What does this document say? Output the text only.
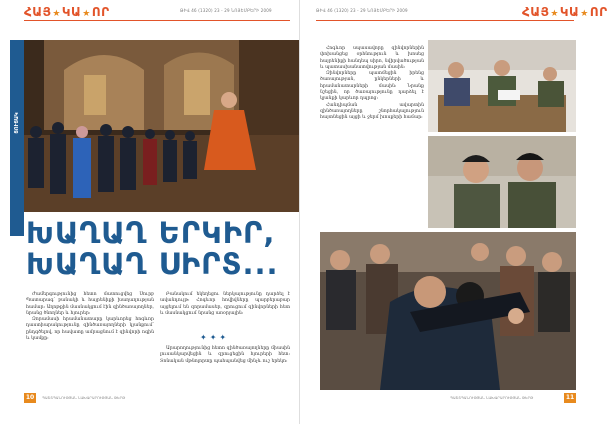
ՀԱՅ★ԿԱ★ՈՐ	ԹԻՎ 46 (1320) 23 - 29 ՆՈՅԵՄԲԵՐԻ 2009
ՑՈՒՑԱԿ
ԽԱՂԱՂ ԵՐԿԻՐ,
ԽԱՂԱՂ ՍԻՐՏ...

Ժամերգությունից հետո մատուցվեց Սուրբ Պատարագ՝ բանակի և հայրենիքի խաղաղության համար: Աղոթքին մասնակցում էին զինծառայողներ, նրանց ծնողներ և հյուրեր:

Զորամասի հրամանատարը կարևորեց հոգևոր դաստիարակությունը զինծառայողների կյանքում՝ ընդգծելով, որ հավատը ամրացնում է զինվորի ոգին և կամքը:

Բանակում եկեղեցու ներկայությունը դարձել է ավանդույթ: Հոգևոր հովիվները պարբերաբար այցելում են զորամասեր, զրուցում զինվորների հետ և մասնակցում նրանց առօրյային:

✦✦✦

Արարողությունից հետո զինծառայողները միասին լուսանկարվեցին և զրուցեցին հյուրերի հետ: Տոնական մթնոլորտը պահպանվեց մինչև ուշ երեկո:

10	ՊԱՇՏՊԱՆՈՒԹՅԱՆ ՆԱԽԱՐԱՐՈՒԹՅԱՆ ԹԵՐԹ
ԹԻՎ 46 (1320) 23 - 29 ՆՈՅԵՄԲԵՐԻ 2009	ՀԱՅ★ԿԱ★ՈՐ

Հոգևոր սպասավորը զինվորներին փոխանցեց օրհնություն և խոսեց հայրենիքի հանդեպ սիրո, նվիրվածության և պատասխանատվության մասին:

Զինվորները պատմեցին իրենց ծառայության, ընկերների և հրամանատարների մասին: Նրանք նշեցին, որ ծառայությունը դարձել է կյանքի կարևոր դպրոց:

Հանդիպման ավարտին զինծառայողները շնորհակալություն հայտնեցին այցի և ջերմ խոսքերի համար:

ՊԱՇՏՊԱՆՈՒԹՅԱՆ ՆԱԽԱՐԱՐՈՒԹՅԱՆ ԹԵՐԹ	11
